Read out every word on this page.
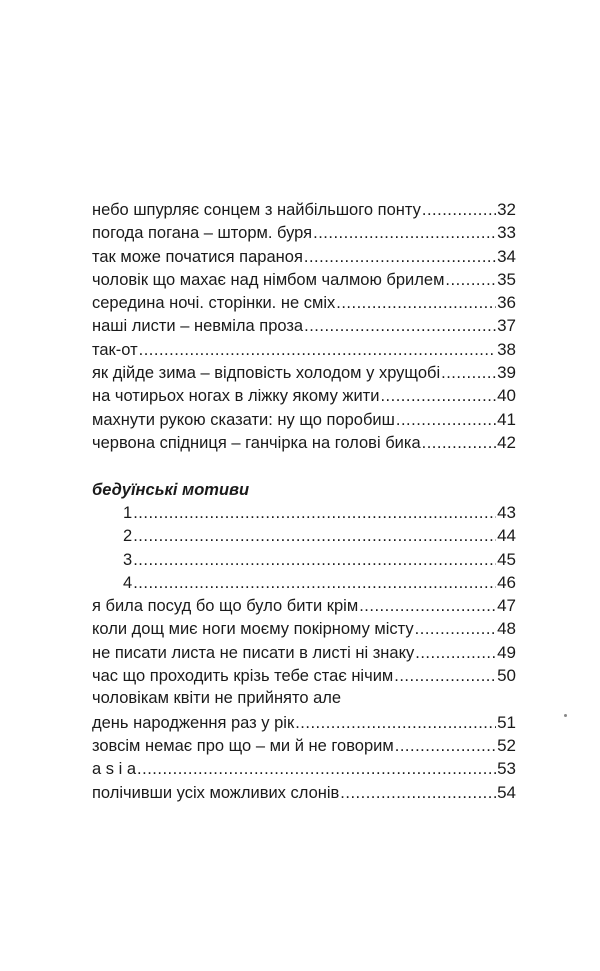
небо шпурляє сонцем з найбільшого понту .....	32
погода погана – шторм. буря .....	33
так може початися параноя .....	34
чоловік що махає над німбом чалмою брилем .....	35
середина ночі. сторінки. не сміх .....	36
наші листи – невміла проза .....	37
так-от .....	38
як дійде зима – відповість холодом у хрущобі .....	39
на чотирьох ногах в ліжку якому жити .....	40
махнути рукою сказати: ну що поробиш .....	41
червона спідниця – ганчірка на голові бика .....	42
бедуїнські мотиви
1 .....	43
2 .....	44
3 .....	45
4 .....	46
я била посуд бо що було бити крім .....	47
коли дощ миє ноги моєму покірному місту .....	48
не писати листа не писати в листі ні знаку .....	49
час що проходить крізь тебе стає нічим .....	50
чоловікам квіти не прийнято але
день народження раз у рік .....	51
зовсім немає про що – ми й не говорим .....	52
a s i a .....	53
полічивши усіх можливих слонів .....	54
